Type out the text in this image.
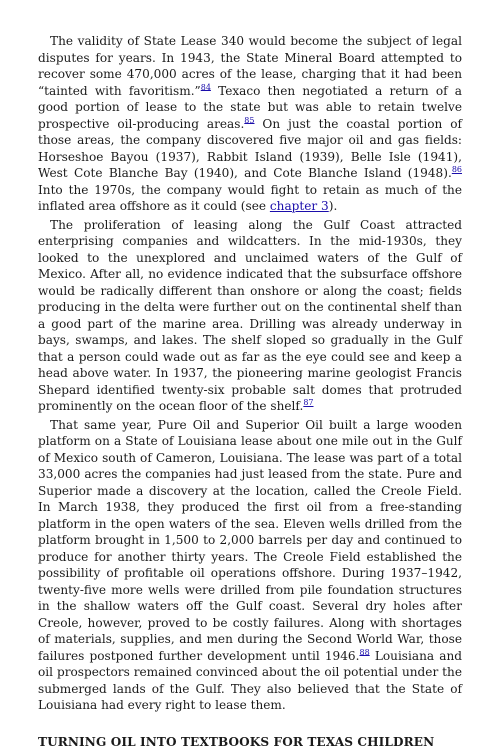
The validity of State Lease 340 would become the subject of legal disputes for years. In 1943, the State Mineral Board attempted to recover some 470,000 acres of the lease, charging that it had been “tainted with favoritism.”$^{84}$ Texaco then negotiated a return of a good portion of lease to the state but was able to retain twelve prospective oil-producing areas.$^{85}$ On just the coastal portion of those areas, the company discovered five major oil and gas fields: Horseshoe Bayou (1937), Rabbit Island (1939), Belle Isle (1941), West Cote Blanche Bay (1940), and Cote Blanche Island (1948).$^{86}$ Into the 1970s, the company would fight to retain as much of the inflated area offshore as it could (see chapter 3).

The proliferation of leasing along the Gulf Coast attracted enterprising companies and wildcatters. In the mid-1930s, they looked to the unexplored and unclaimed waters of the Gulf of Mexico. After all, no evidence indicated that the subsurface offshore would be radically different than onshore or along the coast; fields producing in the delta were further out on the continental shelf than a good part of the marine area. Drilling was already underway in bays, swamps, and lakes. The shelf sloped so gradually in the Gulf that a person could wade out as far as the eye could see and keep a head above water. In 1937, the pioneering marine geologist Francis Shepard identified twenty-six probable salt domes that protruded prominently on the ocean floor of the shelf.$^{87}$

That same year, Pure Oil and Superior Oil built a large wooden platform on a State of Louisiana lease about one mile out in the Gulf of Mexico south of Cameron, Louisiana. The lease was part of a total 33,000 acres the companies had just leased from the state. Pure and Superior made a discovery at the location, called the Creole Field. In March 1938, they produced the first oil from a free-standing platform in the open waters of the sea. Eleven wells drilled from the platform brought in 1,500 to 2,000 barrels per day and continued to produce for another thirty years. The Creole Field established the possibility of profitable oil operations offshore. During 1937–1942, twenty-five more wells were drilled from pile foundation structures in the shallow waters off the Gulf coast. Several dry holes after Creole, however, proved to be costly failures. Along with shortages of materials, supplies, and men during the Second World War, those failures postponed further development until 1946.88 Louisiana and oil prospectors remained convinced about the oil potential under the submerged lands of the Gulf. They also believed that the State of Louisiana had every right to lease them.

TURNING OIL INTO TEXTBOOKS FOR TEXAS CHILDREN
